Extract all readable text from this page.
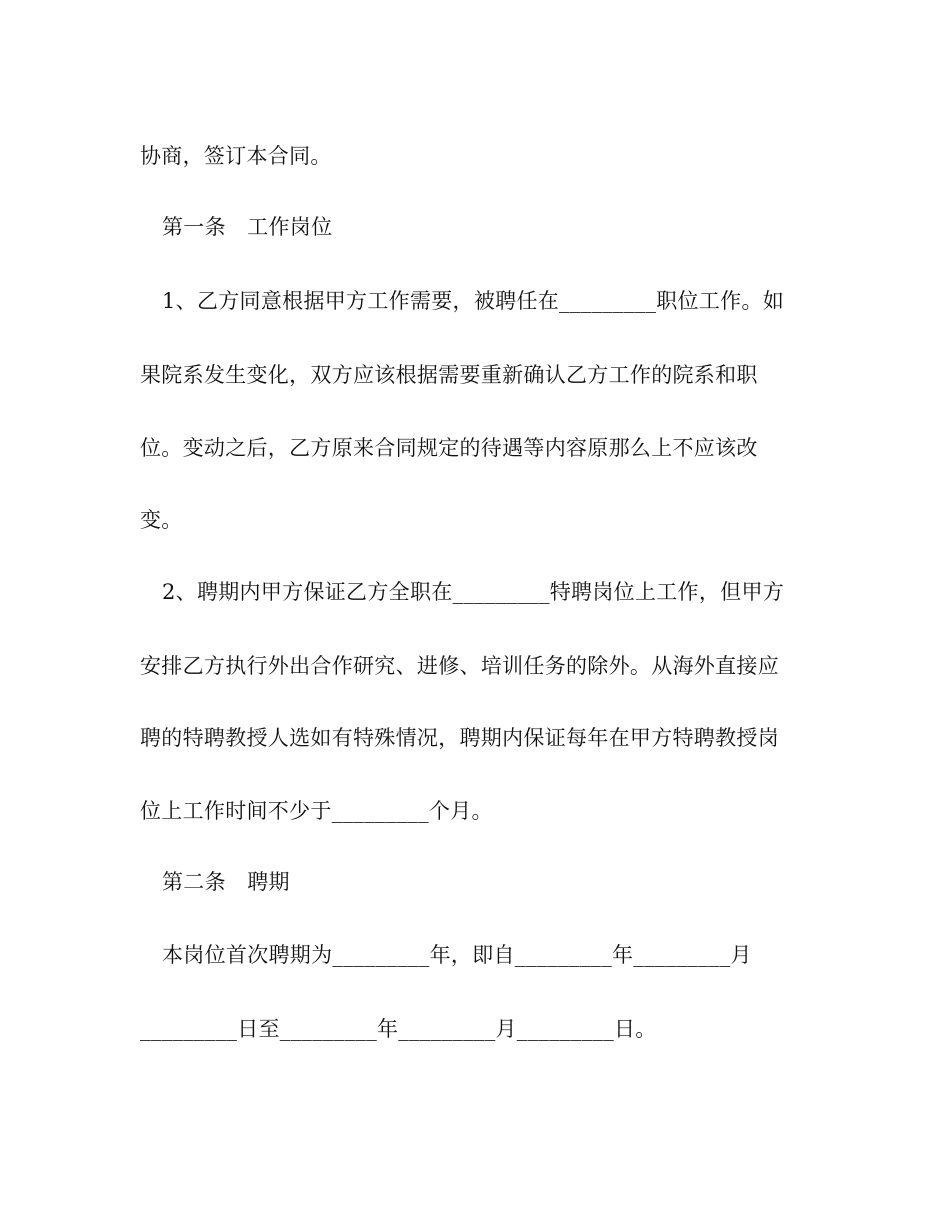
协商，签订本合同。
第一条　工作岗位
1、乙方同意根据甲方工作需要，被聘任在_________职位工作。如
果院系发生变化，双方应该根据需要重新确认乙方工作的院系和职
位。变动之后，乙方原来合同规定的待遇等内容原那么上不应该改
变。
2、聘期内甲方保证乙方全职在_________特聘岗位上工作，但甲方
安排乙方执行外出合作研究、进修、培训任务的除外。从海外直接应
聘的特聘教授人选如有特殊情况，聘期内保证每年在甲方特聘教授岗
位上工作时间不少于_________个月。
第二条　聘期
本岗位首次聘期为_________年，即自_________年_________月
_________日至_________年_________月_________日。
